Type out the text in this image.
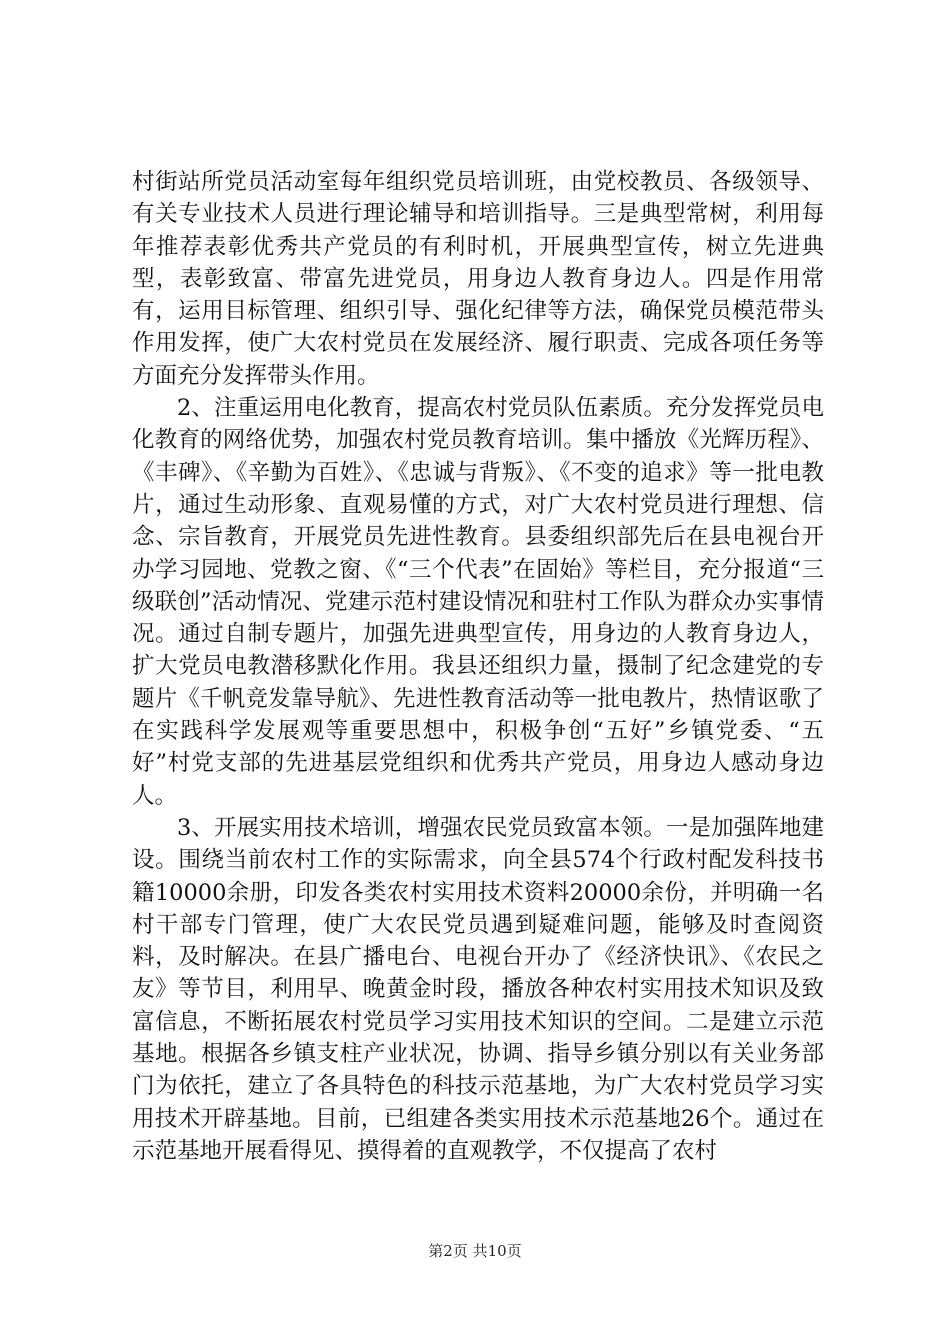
村街站所党员活动室每年组织党员培训班，由党校教员、各级领导、有关专业技术人员进行理论辅导和培训指导。三是典型常树，利用每年推荐表彰优秀共产党员的有利时机，开展典型宣传，树立先进典型，表彰致富、带富先进党员，用身边人教育身边人。四是作用常有，运用目标管理、组织引导、强化纪律等方法，确保党员模范带头作用发挥，使广大农村党员在发展经济、履行职责、完成各项任务等方面充分发挥带头作用。

2、注重运用电化教育，提高农村党员队伍素质。充分发挥党员电化教育的网络优势，加强农村党员教育培训。集中播放《光辉历程》、《丰碑》、《辛勤为百姓》、《忠诚与背叛》、《不变的追求》等一批电教片，通过生动形象、直观易懂的方式，对广大农村党员进行理想、信念、宗旨教育，开展党员先进性教育。县委组织部先后在县电视台开办学习园地、党教之窗、《“三个代表”在固始》等栏目，充分报道“三级联创”活动情况、党建示范村建设情况和驻村工作队为群众办实事情况。通过自制专题片，加强先进典型宣传，用身边的人教育身边人，扩大党员电教潜移默化作用。我县还组织力量，摄制了纪念建党的专题片《千帆竞发靠导航》、先进性教育活动等一批电教片，热情讴歌了在实践科学发展观等重要思想中，积极争创“五好”乡镇党委、“五好”村党支部的先进基层党组织和优秀共产党员，用身边人感动身边人。

3、开展实用技术培训，增强农民党员致富本领。一是加强阵地建设。围绕当前农村工作的实际需求，向全县574个行政村配发科技书籍10000余册，印发各类农村实用技术资料20000余份，并明确一名村干部专门管理，使广大农民党员遇到疑难问题，能够及时查阅资料，及时解决。在县广播电台、电视台开办了《经济快讯》、《农民之友》等节目，利用早、晚黄金时段，播放各种农村实用技术知识及致富信息，不断拓展农村党员学习实用技术知识的空间。二是建立示范基地。根据各乡镇支柱产业状况，协调、指导乡镇分别以有关业务部门为依托，建立了各具特色的科技示范基地，为广大农村党员学习实用技术开辟基地。目前，已组建各类实用技术示范基地26个。通过在示范基地开展看得见、摸得着的直观教学，不仅提高了农村

第2页 共10页
